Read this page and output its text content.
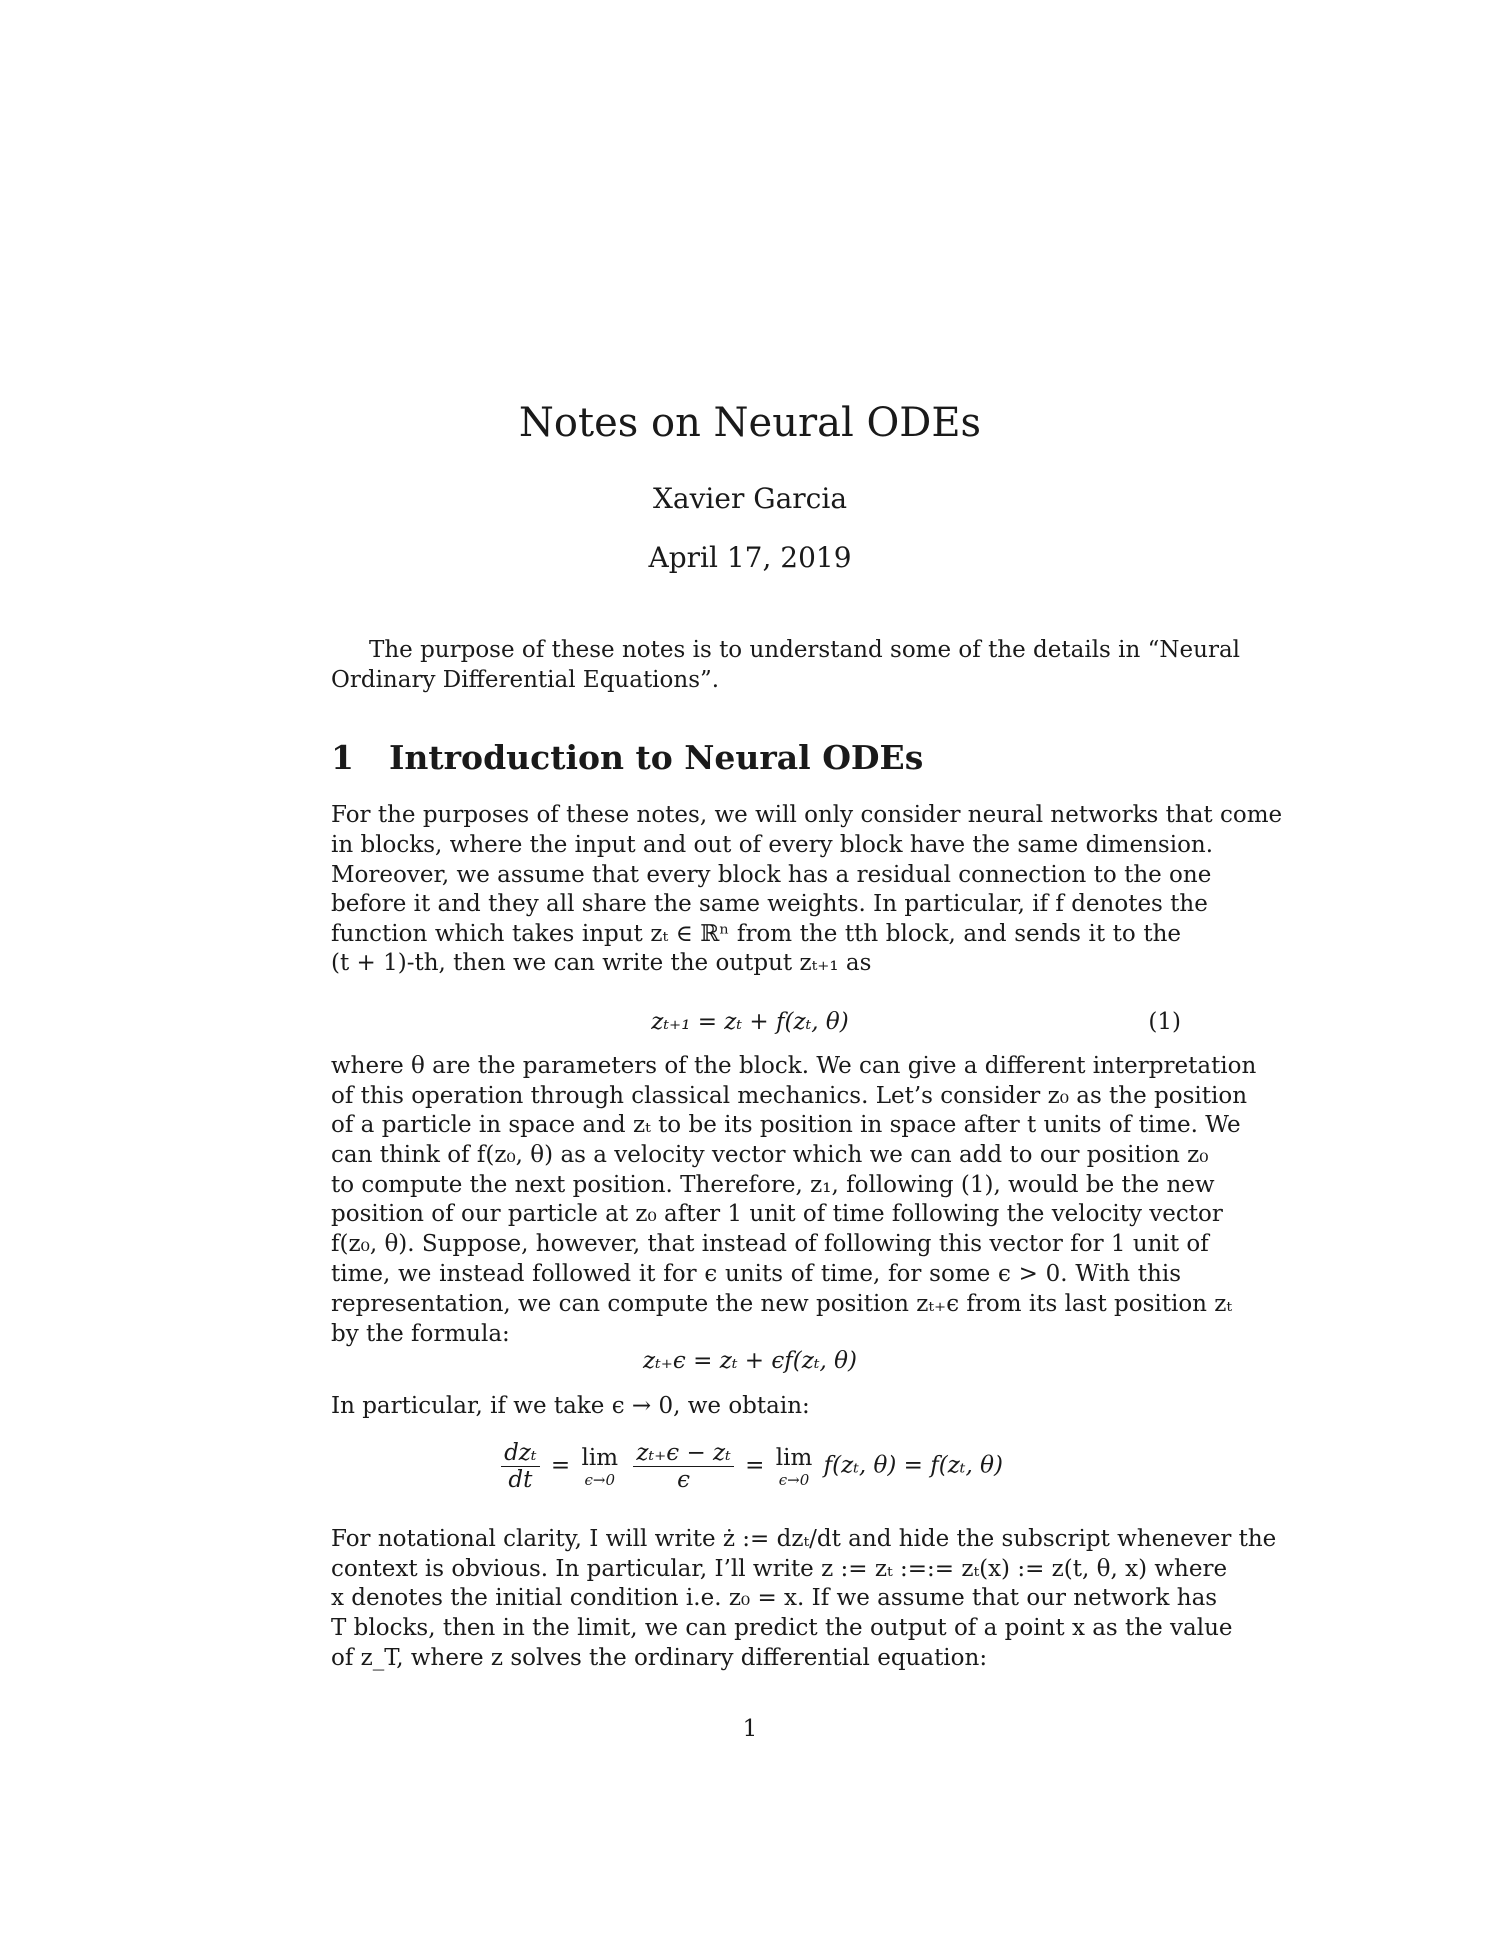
Notes on Neural ODEs
Xavier Garcia
April 17, 2019
The purpose of these notes is to understand some of the details in “Neural
Ordinary Differential Equations”.
1 Introduction to Neural ODEs
For the purposes of these notes, we will only consider neural networks that come
in blocks, where the input and out of every block have the same dimension.
Moreover, we assume that every block has a residual connection to the one
before it and they all share the same weights. In particular, if f denotes the
function which takes input zₜ ∈ ℝⁿ from the tth block, and sends it to the
(t + 1)-th, then we can write the output zₜ₊₁ as
zₜ₊₁ = zₜ + f(zₜ, θ)	(1)
where θ are the parameters of the block. We can give a different interpretation
of this operation through classical mechanics. Let’s consider z₀ as the position
of a particle in space and zₜ to be its position in space after t units of time. We
can think of f(z₀, θ) as a velocity vector which we can add to our position z₀
to compute the next position. Therefore, z₁, following (1), would be the new
position of our particle at z₀ after 1 unit of time following the velocity vector
f(z₀, θ). Suppose, however, that instead of following this vector for 1 unit of
time, we instead followed it for ϵ units of time, for some ϵ > 0. With this
representation, we can compute the new position zₜ₊ϵ from its last position zₜ
by the formula:
zₜ₊ϵ = zₜ + ϵf(zₜ, θ)
In particular, if we take ϵ → 0, we obtain:
$\frac{\text{dzₜ}}{dt} = \lim$
ϵ→0
$\frac{\text{zₜ₊ϵ − zₜ}}{\epsilon} = \lim$
ϵ→0
f(zₜ, θ) = f(zₜ, θ)
For notational clarity, I will write ż := dzₜ/dt and hide the subscript whenever the
context is obvious. In particular, I’ll write z := zₜ :=:= zₜ(x) := z(t, θ, x) where
x denotes the initial condition i.e. z₀ = x. If we assume that our network has
T blocks, then in the limit, we can predict the output of a point x as the value
of z_T, where z solves the ordinary differential equation:
1
